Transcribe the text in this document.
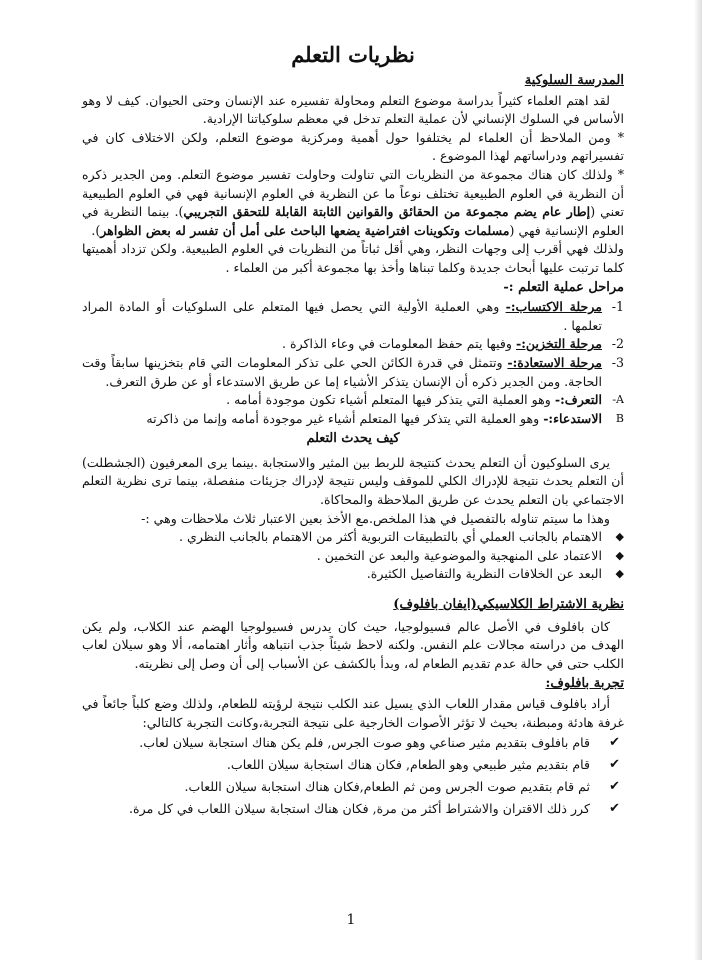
نظريات التعلم
المدرسة السلوكية

لقد اهتم العلماء كثيراً بدراسة موضوع التعلم ومحاولة تفسيره عند الإنسان وحتى الحيوان. كيف لا وهو الأساس في السلوك الإنساني لأن عملية التعلم تدخل في معظم سلوكياتنا الإرادية.

* ومن الملاحظ أن العلماء لم يختلفوا حول أهمية ومركزية موضوع التعلم، ولكن الاختلاف كان في تفسيراتهم ودراساتهم لهذا الموضوع .

* ولذلك كان هناك مجموعة من النظريات التي تناولت وحاولت تفسير موضوع التعلم. ومن الجدير ذكره أن النظرية في العلوم الطبيعية تختلف نوعاً ما عن النظرية في العلوم الإنسانية فهي في العلوم الطبيعية تعني (إطار عام يضم مجموعة من الحقائق والقوانين الثابتة القابلة للتحقق التجريبي). بينما النظرية في العلوم الإنسانية فهي (مسلمات وتكوينات افتراضية يضعها الباحث على أمل أن تفسر له بعض الظواهر).

ولذلك فهي أقرب إلى وجهات النظر، وهي أقل ثباتاً من النظريات في العلوم الطبيعية. ولكن تزداد أهميتها كلما ترتبت عليها أبحاث جديدة وكلما تبناها وأخذ بها مجموعة أكبر من العلماء .

مراحل عملية التعلم :-
1-
مرحلة الاكتساب:- وهي العملية الأولية التي يحصل فيها المتعلم على السلوكيات أو المادة المراد تعلمها .
2-
مرحلة التخزين:- وفيها يتم حفظ المعلومات في وعاء الذاكرة .
3-
مرحلة الاستعادة:- وتتمثل في قدرة الكائن الحي على تذكر المعلومات التي قام بتخزينها سابقاً وقت الحاجة. ومن الجدير ذكره أن الإنسان يتذكر الأشياء إما عن طريق الاستدعاء أو عن طرق التعرف.
A-
التعرف:- وهو العملية التي يتذكر فيها المتعلم أشياء تكون موجودة أمامه .
B
الاستدعاء:- وهو العملية التي يتذكر فيها المتعلم أشياء غير موجودة أمامه وإنما من ذاكرته
كيف يحدث التعلم

يرى السلوكيون أن التعلم يحدث كنتيجة للربط بين المثير والاستجابة .بينما يرى المعرفيون (الجشطلت) أن التعلم يحدث نتيجة للإدراك الكلي للموقف وليس نتيجة لإدراك جزيئات منفصلة، بينما ترى نظرية التعلم الاجتماعي بان التعلم يحدث عن طريق الملاحظة والمحاكاة.

وهذا ما سيتم تناوله بالتفصيل في هذا الملخص.مع الأخذ بعين الاعتبار ثلاث ملاحظات وهي :-

◆
الاهتمام بالجانب العملي أي بالتطبيقات التربوية أكثر من الاهتمام بالجانب النظري .
◆
الاعتماد على المنهجية والموضوعية والبعد عن التخمين .
◆
البعد عن الخلافات النظرية والتفاصيل الكثيرة.
نظرية الاشتراط الكلاسيكي(ايفان بافلوف)

كان بافلوف في الأصل عالم فسيولوجيا، حيث كان يدرس فسيولوجيا الهضم عند الكلاب، ولم يكن الهدف من دراسته مجالات علم النفس. ولكنه لاحظ شيئاً جذب انتباهه وأثار اهتمامه، ألا وهو سيلان لعاب الكلب حتى في حالة عدم تقديم الطعام له، وبدأ بالكشف عن الأسباب إلى أن وصل إلى نظريته.

تجربة بافلوف:

أراد بافلوف قياس مقدار اللعاب الذي يسيل عند الكلب نتيجة لرؤيته للطعام، ولذلك وضع كلباً جائعاً في غرفة هادئة ومبطنة، بحيث لا تؤثر الأصوات الخارجية على نتيجة التجربة،وكانت التجربة كالتالي:

✔
قام بافلوف بتقديم مثير صناعي وهو صوت الجرس, فلم يكن هناك استجابة سيلان لعاب.
✔
قام بتقديم مثير طبيعي وهو الطعام, فكان هناك استجابة سيلان اللعاب.
✔
ثم قام بتقديم صوت الجرس ومن ثم الطعام,فكان هناك استجابة سيلان اللعاب.
✔
كرر ذلك الاقتران والاشتراط أكثر من مرة, فكان هناك استجابة سيلان اللعاب في كل مرة.
1
